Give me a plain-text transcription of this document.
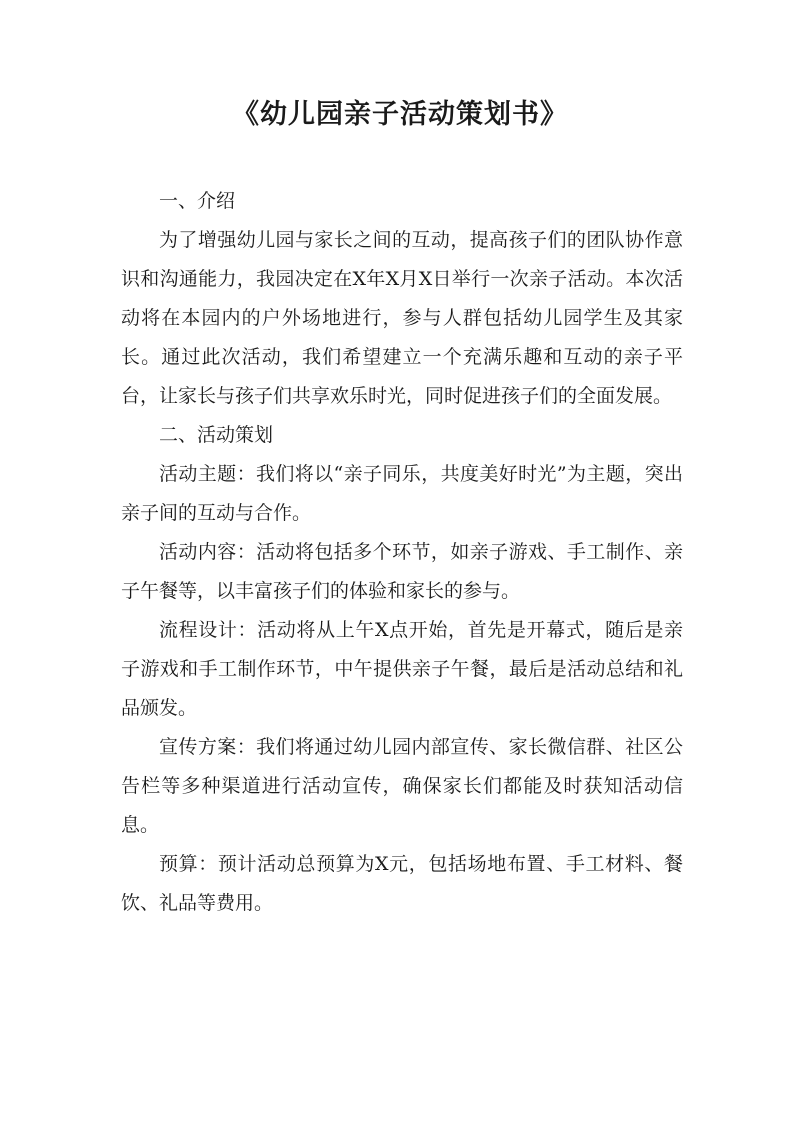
《幼儿园亲子活动策划书》

一、介绍

为了增强幼儿园与家长之间的互动，提高孩子们的团队协作意识和沟通能力，我园决定在X年X月X日举行一次亲子活动。本次活动将在本园内的户外场地进行，参与人群包括幼儿园学生及其家长。通过此次活动，我们希望建立一个充满乐趣和互动的亲子平台，让家长与孩子们共享欢乐时光，同时促进孩子们的全面发展。

二、活动策划

活动主题：我们将以“亲子同乐，共度美好时光”为主题，突出亲子间的互动与合作。

活动内容：活动将包括多个环节，如亲子游戏、手工制作、亲子午餐等，以丰富孩子们的体验和家长的参与。

流程设计：活动将从上午X点开始，首先是开幕式，随后是亲子游戏和手工制作环节，中午提供亲子午餐，最后是活动总结和礼品颁发。

宣传方案：我们将通过幼儿园内部宣传、家长微信群、社区公告栏等多种渠道进行活动宣传，确保家长们都能及时获知活动信息。

预算：预计活动总预算为X元，包括场地布置、手工材料、餐饮、礼品等费用。
